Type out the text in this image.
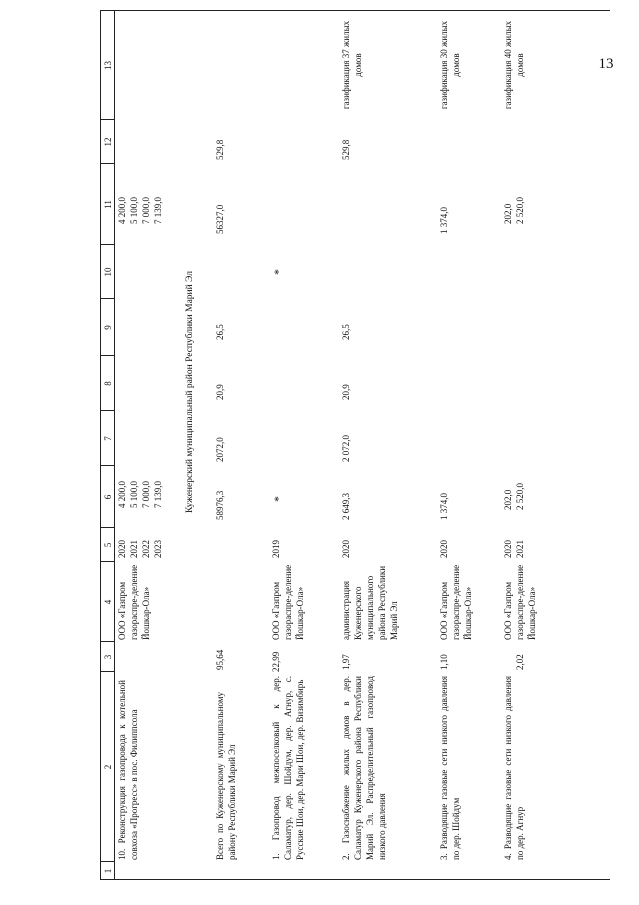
13
1
2
3
4
5
6
7
8
9
10
11
12
13
10. Реконструкция газопровода к котельной совхоза «Прогресс» в пос. Филиппсола
ООО «Газпром газораспре-деление Йошкар-Ола»
2020
2021
2022
2023
4 200,0
5 100,0
7 000,0
7 139,0
4 200,0
5 100,0
7 000,0
7 139,0
Куженерский муниципальный район Республики Марий Эл
Всего по Куженерскому муниципальному району Республики Марий Эл
95,64
58976,3
2072,0
20,9
26,5
56327,0
529,8
1. Газопровод межпоселковый к дер. Саламатур, дер. Шойдум, дер. Агнур, с. Русские Шои, дер. Мари Шои, дер. Визимбирь
22,99
ООО «Газпром газораспре-деление Йошкар-Ола»
2019
*
*
2. Газоснабжение жилых домов в дер. Саламатур Куженерского района Республики Марий Эл. Распределительный газопровод низкого давления
1,97
администрация Куженерского муниципального района Республики Марий Эл
2020
2 649,3
2 072,0
20,9
26,5
529,8
газификация 37 жилых домов
3. Разводящие газовые сети низкого давления по дер. Шойдум
1,10
ООО «Газпром газораспре-деление Йошкар-Ола»
2020
1 374,0
1 374,0
газификация 30 жилых домов
4. Разводящие газовые сети низкого давления по дер. Агнур
2,02
ООО «Газпром газораспре-деление Йошкар-Ола»
2020
2021
202,0
2 520,0
202,0
2 520,0
газификация 40 жилых домов
